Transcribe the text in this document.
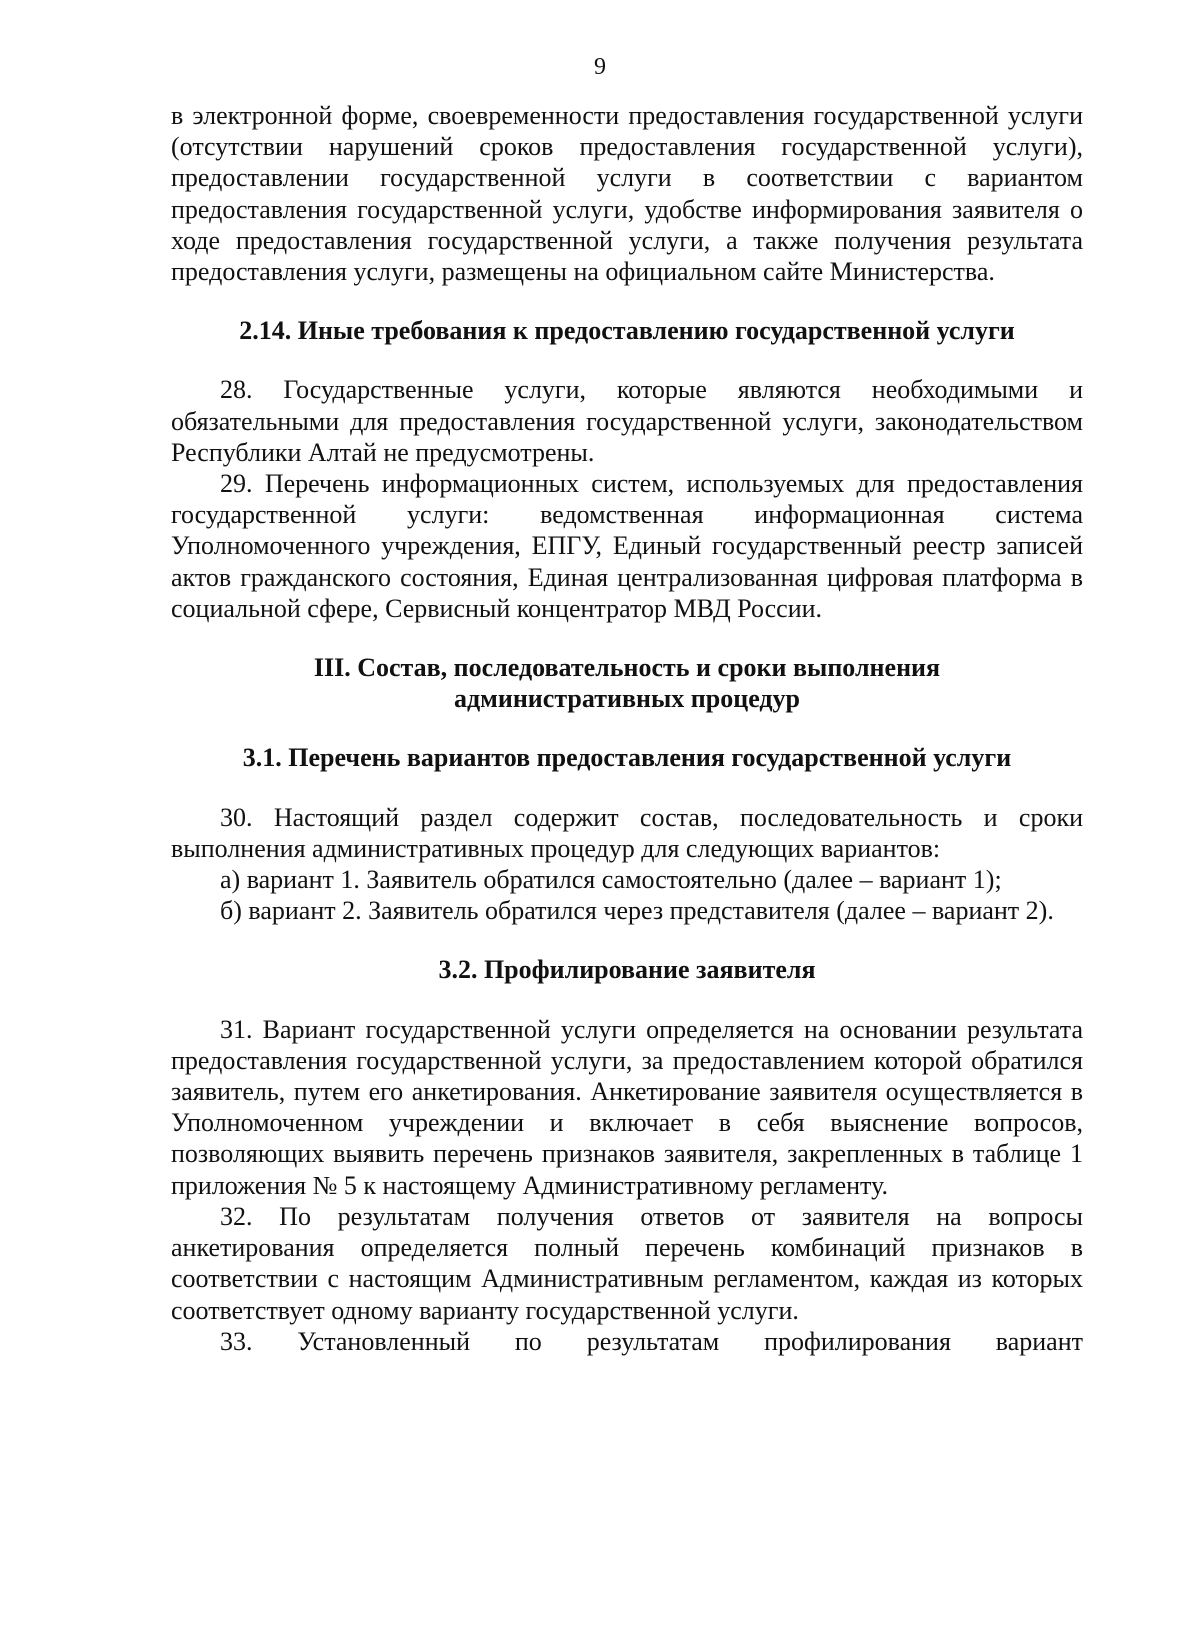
9

в электронной форме, своевременности предоставления государственной услуги (отсутствии нарушений сроков предоставления государственной услуги), предоставлении государственной услуги в соответствии с вариантом предоставления государственной услуги, удобстве информирования заявителя о ходе предоставления государственной услуги, а также получения результата предоставления услуги, размещены на официальном сайте Министерства.

2.14. Иные требования к предоставлению государственной услуги

28. Государственные услуги, которые являются необходимыми и обязательными для предоставления государственной услуги, законодательством Республики Алтай не предусмотрены.

29. Перечень информационных систем, используемых для предоставления государственной услуги: ведомственная информационная система Уполномоченного учреждения, ЕПГУ, Единый государственный реестр записей актов гражданского состояния, Единая централизованная цифровая платформа в социальной сфере, Сервисный концентратор МВД России.

III. Состав, последовательность и сроки выполнения

административных процедур

3.1. Перечень вариантов предоставления государственной услуги

30. Настоящий раздел содержит состав, последовательность и сроки выполнения административных процедур для следующих вариантов:

а) вариант 1. Заявитель обратился самостоятельно (далее – вариант 1);

б) вариант 2. Заявитель обратился через представителя (далее – вариант 2).

3.2. Профилирование заявителя

31. Вариант государственной услуги определяется на основании результата предоставления государственной услуги, за предоставлением которой обратился заявитель, путем его анкетирования. Анкетирование заявителя осуществляется в Уполномоченном учреждении и включает в себя выяснение вопросов, позволяющих выявить перечень признаков заявителя, закрепленных в таблице 1 приложения № 5 к настоящему Административному регламенту.

32. По результатам получения ответов от заявителя на вопросы анкетирования определяется полный перечень комбинаций признаков в соответствии с настоящим Административным регламентом, каждая из которых соответствует одному варианту государственной услуги.

33. Установленный по результатам профилирования вариант
